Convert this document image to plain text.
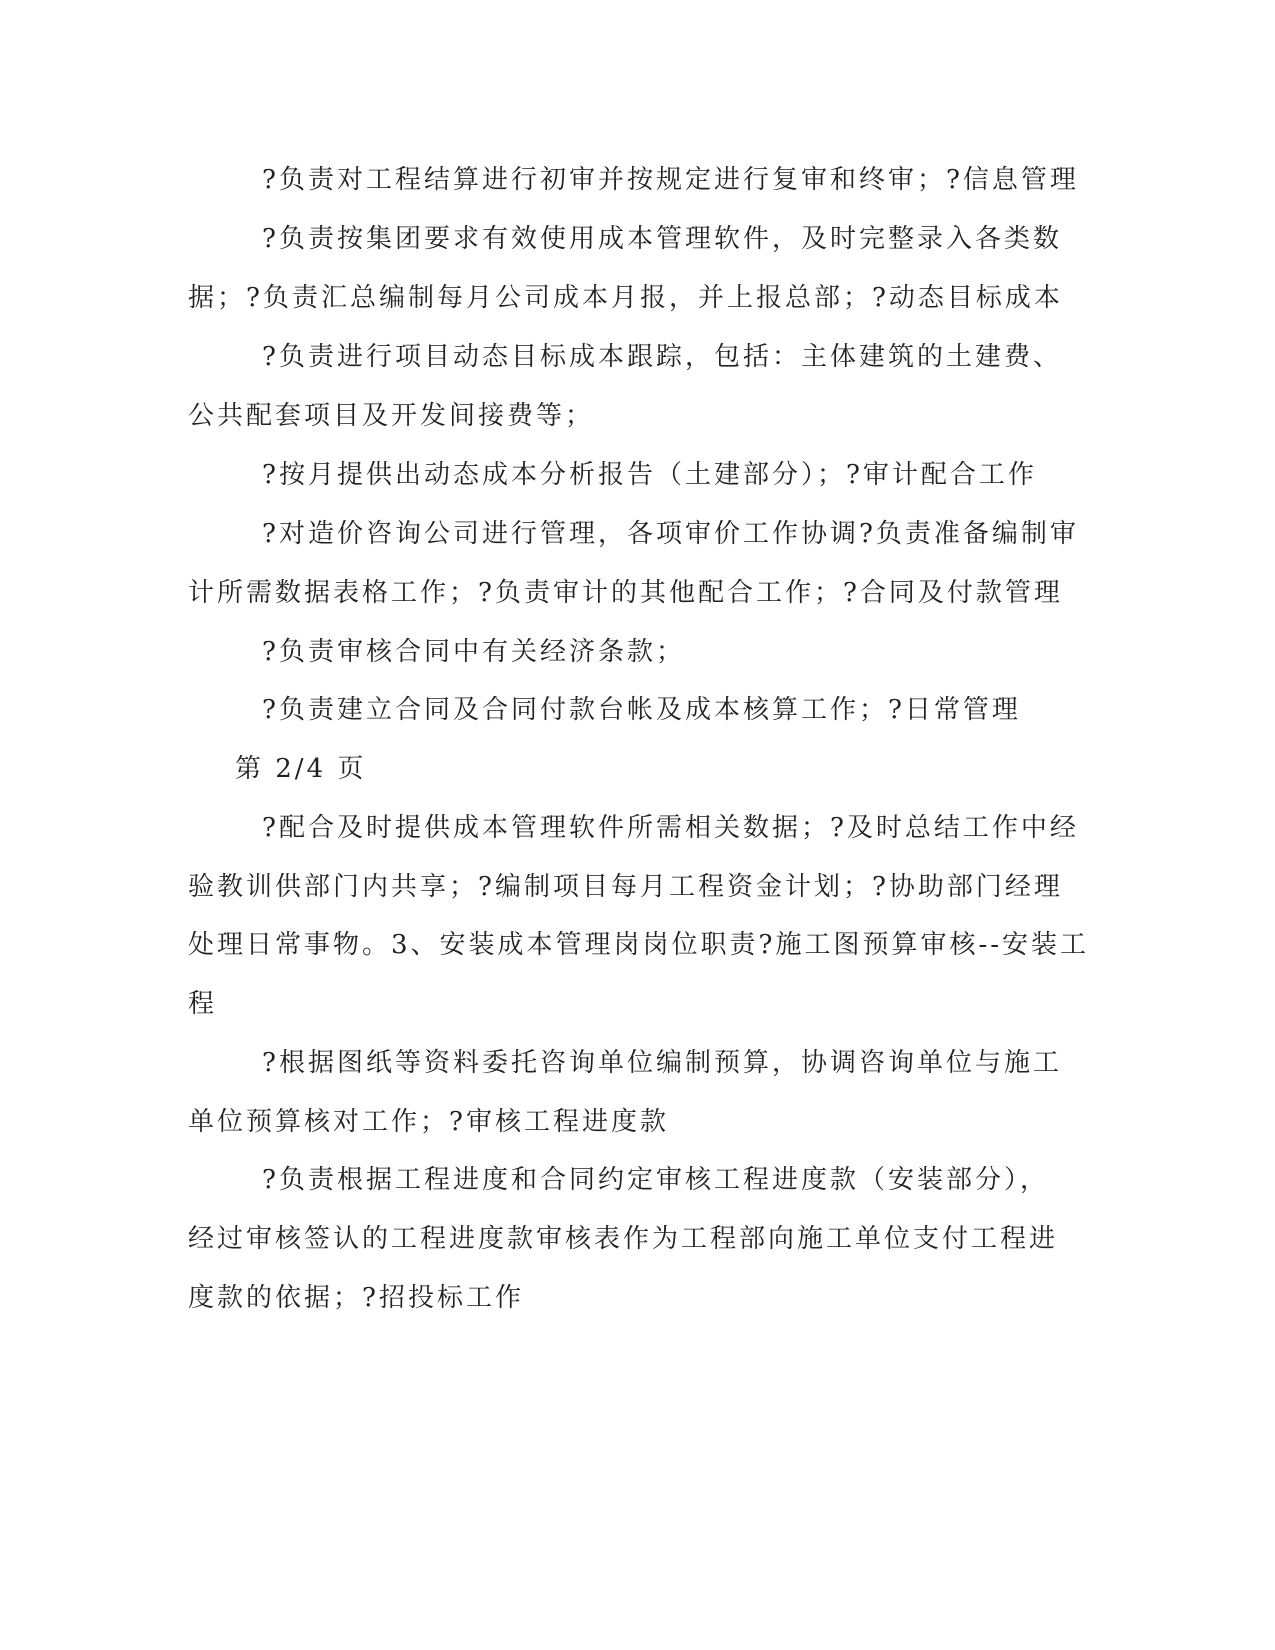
?负责对工程结算进行初审并按规定进行复审和终审；?信息管理
?负责按集团要求有效使用成本管理软件，及时完整录入各类数
据；?负责汇总编制每月公司成本月报，并上报总部；?动态目标成本
?负责进行项目动态目标成本跟踪，包括：主体建筑的土建费、
公共配套项目及开发间接费等；
?按月提供出动态成本分析报告（土建部分）；?审计配合工作
?对造价咨询公司进行管理，各项审价工作协调?负责准备编制审
计所需数据表格工作；?负责审计的其他配合工作；?合同及付款管理
?负责审核合同中有关经济条款；
?负责建立合同及合同付款台帐及成本核算工作；?日常管理
第 2/4 页
?配合及时提供成本管理软件所需相关数据；?及时总结工作中经
验教训供部门内共享；?编制项目每月工程资金计划；?协助部门经理
处理日常事物。3、安装成本管理岗岗位职责?施工图预算审核--安装工
程
?根据图纸等资料委托咨询单位编制预算，协调咨询单位与施工
单位预算核对工作；?审核工程进度款
?负责根据工程进度和合同约定审核工程进度款（安装部分），
经过审核签认的工程进度款审核表作为工程部向施工单位支付工程进
度款的依据；?招投标工作
